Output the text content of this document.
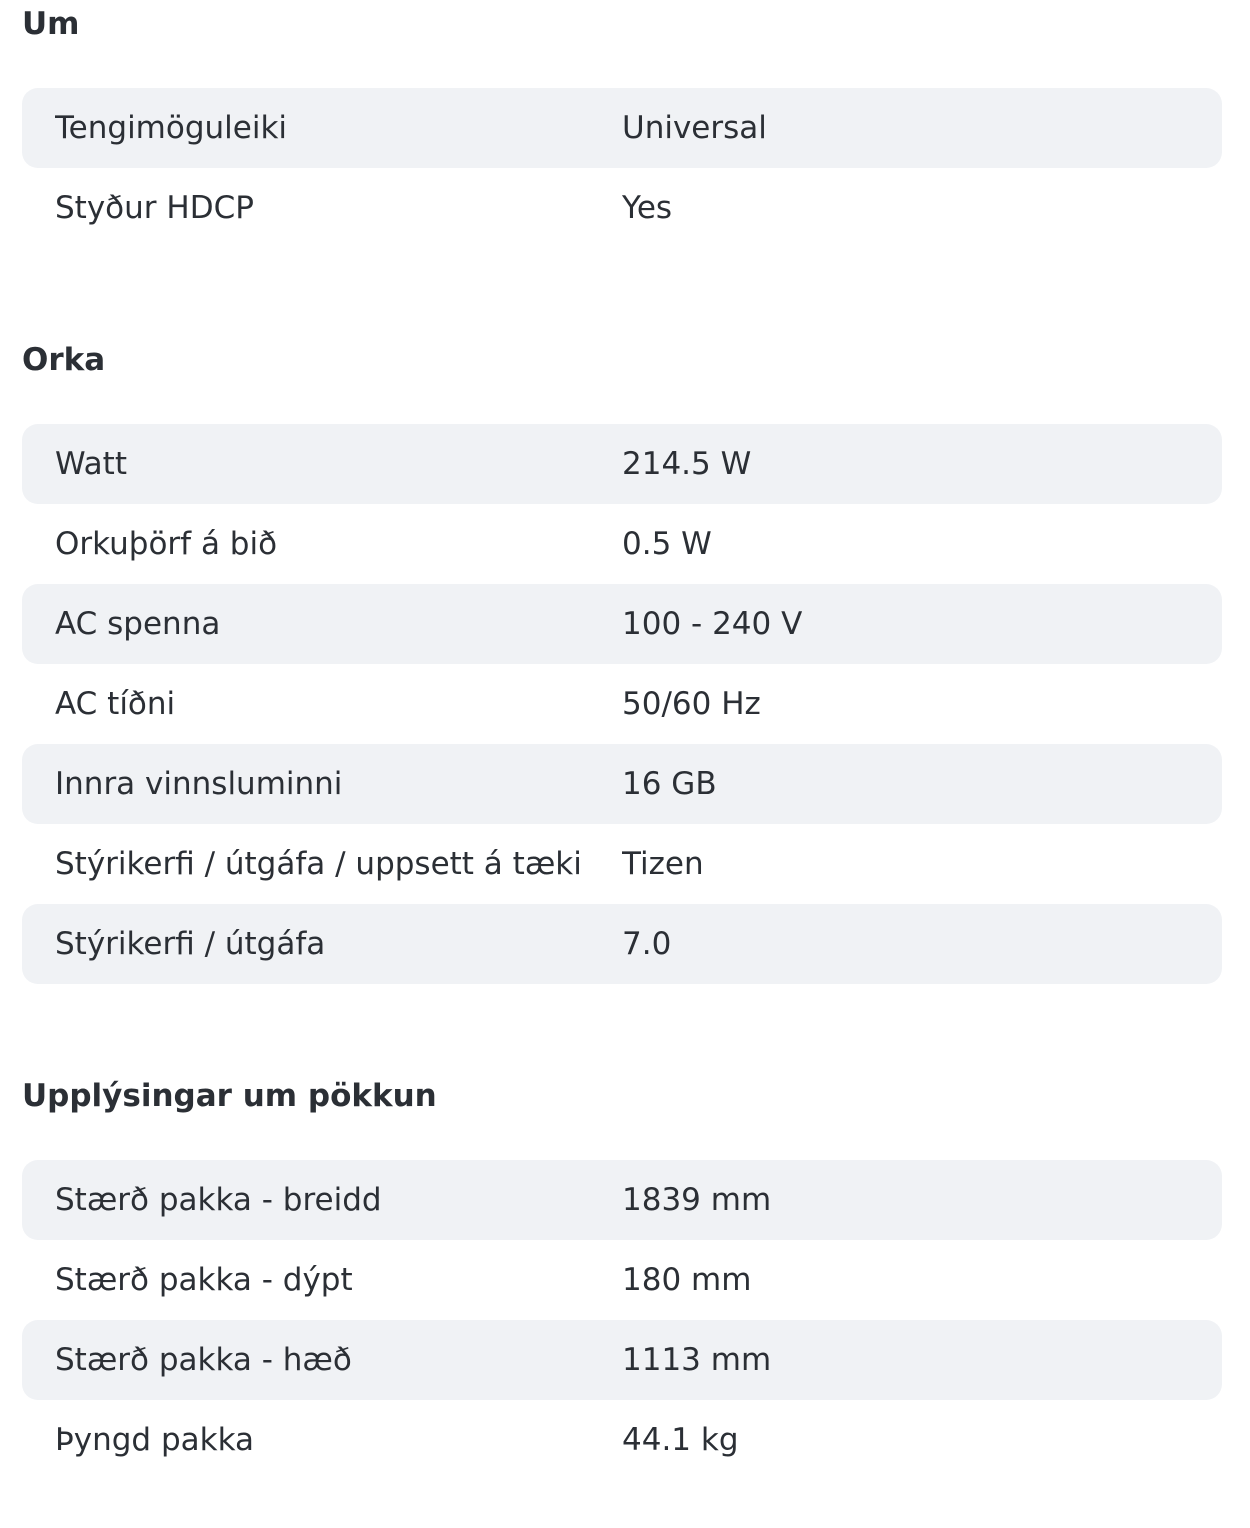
Um
Tengimöguleiki	Universal
Styður HDCP	Yes
Orka
Watt	214.5 W
Orkuþörf á bið	0.5 W
AC spenna	100 - 240 V
AC tíðni	50/60 Hz
Innra vinnsluminni	16 GB
Stýrikerfi / útgáfa / uppsett á tæki	Tizen
Stýrikerfi / útgáfa	7.0
Upplýsingar um pökkun
Stærð pakka - breidd	1839 mm
Stærð pakka - dýpt	180 mm
Stærð pakka - hæð	1113 mm
Þyngd pakka	44.1 kg
